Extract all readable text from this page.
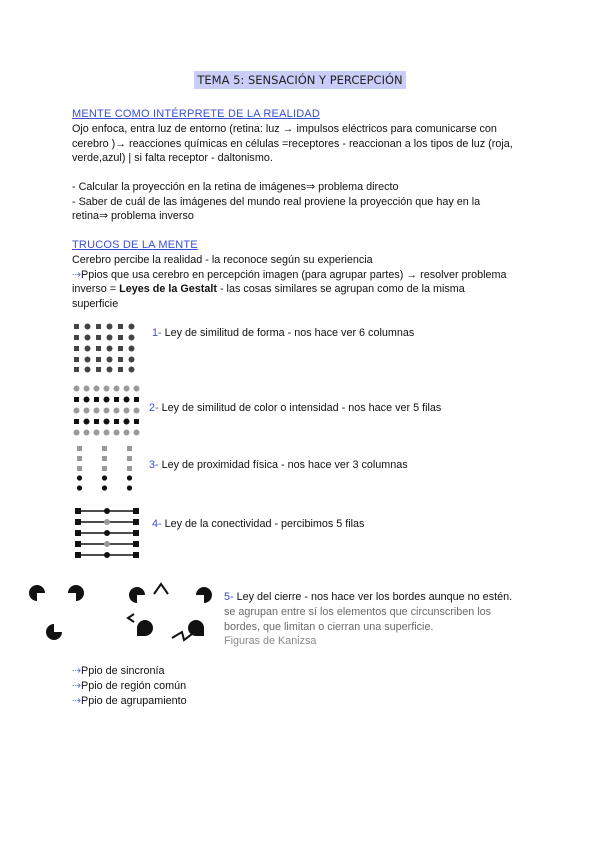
TEMA 5: SENSACIÓN Y PERCEPCIÓN
MENTE COMO INTÉRPRETE DE LA REALIDAD

Ojo enfoca, entra luz de entorno (retina: luz → impulsos eléctricos para comunicarse con

cerebro )→ reacciones químicas en células =receptores - reaccionan a los tipos de luz (roja,

verde,azul) | si falta receptor - daltonismo.

- Calcular la proyección en la retina de imágenes⇒ problema directo

- Saber de cuál de las imágenes del mundo real proviene la proyección que hay en la

retina⇒ problema inverso

TRUCOS DE LA MENTE

Cerebro percibe la realidad - la reconoce según su experiencia

⇢Ppios que usa cerebro en percepción imagen (para agrupar partes) → resolver problema

inverso = Leyes de la Gestalt - las cosas similares se agrupan como de la misma

superficie

1- Ley de similitud de forma - nos hace ver 6 columnas
2- Ley de similitud de color o intensidad - nos hace ver 5 filas
3- Ley de proximidad física - nos hace ver 3 columnas
4- Ley de la conectividad - percibimos 5 filas
5- Ley del cierre - nos hace ver los bordes aunque no estén.
se agrupan entre sí los elementos que circunscriben los
bordes, que limitan o cierran una superficie.
Figuras de Kanizsa
⇢Ppio de sincronía
⇢Ppio de región común
⇢Ppio de agrupamiento
